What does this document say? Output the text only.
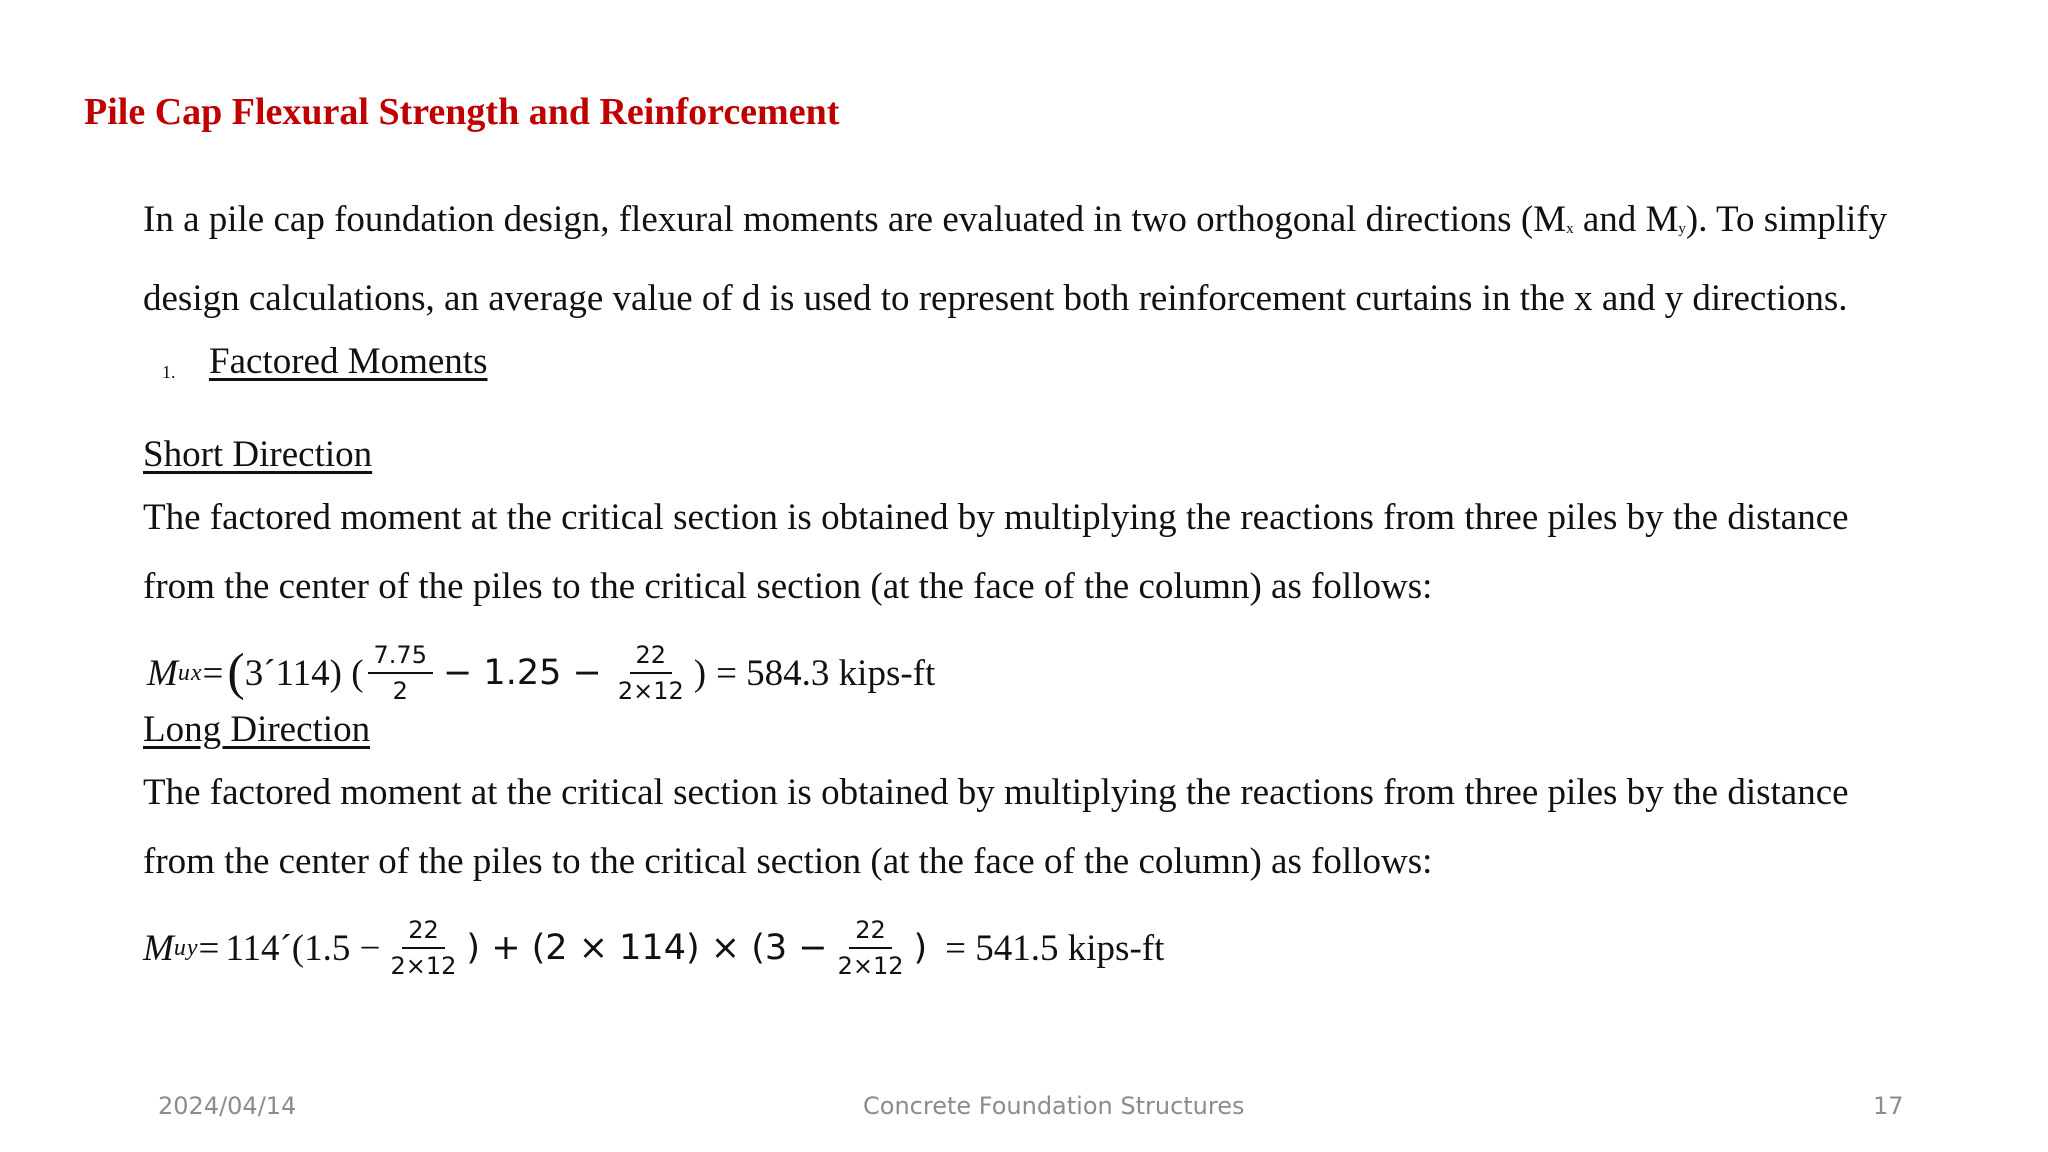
Pile Cap Flexural Strength and Reinforcement
In a pile cap foundation design, flexural moments are evaluated in two orthogonal directions (Mx and My). To simplify
design calculations, an average value of d is used to represent both reinforcement curtains in the x and y directions.
1. Factored Moments
Short Direction
The factored moment at the critical section is obtained by multiplying the reactions from three piles by the distance
from the center of the piles to the critical section (at the face of the column) as follows:
M ux = ( 3´114) ( $\frac{7.75}{2} - 1.25 - \frac{22}{2\times 12}$ ) = 584.3 kips-ft
Long Direction
The factored moment at the critical section is obtained by multiplying the reactions from three piles by the distance
from the center of the piles to the critical section (at the face of the column) as follows:
M uy = 114´(1.5 − $\frac{22}{2\times 12}$ ) + $(2 \times 114) \times (3 - \frac{22}{2\times 12}$ ) = 541.5 kips-ft
2024/04/14	Concrete Foundation Structures	17
